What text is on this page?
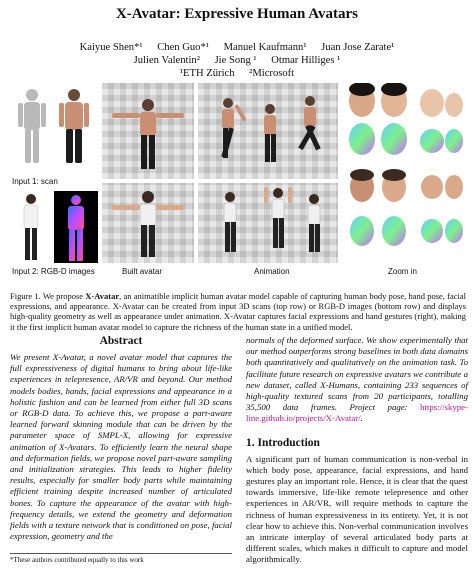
X-Avatar: Expressive Human Avatars
Kaiyue Shen*¹ Chen Guo*¹ Manuel Kaufmann¹ Juan Jose Zarate¹
Julien Valentin² Jie Song ¹ Otmar Hilliges ¹
¹ETH Zürich ²Microsoft
Input 1: scan
Input 2: RGB-D images	Built avatar	Animation	Zoom in
Figure 1. We propose X-Avatar, an animatible implicit human avatar model capable of capturing human body pose, hand pose, facial expressions, and appearance. X-Avatar can be created from input 3D scans (top row) or RGB-D images (bottom row) and displays high-quality geometry as well as appearance under animation. X-Avatar captures facial expressions and hand gestures (right), making it the first implicit human avatar model to capture the richness of the human state in a unified model.
Abstract

We present X-Avatar, a novel avatar model that captures the full expressiveness of digital humans to bring about life-like experiences in telepresence, AR/VR and beyond. Our method models bodies, hands, facial expressions and appearance in a holistic fashion and can be learned from either full 3D scans or RGB-D data. To achieve this, we propose a part-aware learned forward skinning module that can be driven by the parameter space of SMPL-X, allowing for expressive animation of X-Avatars. To efficiently learn the neural shape and deformation fields, we propose novel part-aware sampling and initialization strategies. This leads to higher fidelity results, especially for smaller body parts while maintaining efficient training despite increased number of articulated bones. To capture the appearance of the avatar with high-frequency details, we extend the geometry and deformation fields with a texture network that is conditioned on pose, facial expression, geometry and the

normals of the deformed surface. We show experimentally that our method outperforms strong baselines in both data domains both quantitatively and qualitatively on the animation task. To facilitate future research on expressive avatars we contribute a new dataset, called X-Humans, containing 233 sequences of high-quality textured scans from 20 participants, totalling 35,500 data frames. Project page: https://skype-line.github.io/projects/X-Avatar/.

1. Introduction

A significant part of human communication is non-verbal in which body pose, appearance, facial expressions, and hand gestures play an important role. Hence, it is clear that the quest towards immersive, life-like remote telepresence and other experiences in AR/VR, will require methods to capture the richness of human expressiveness in its entirety. Yet, it is not clear how to achieve this. Non-verbal communication involves an intricate interplay of several articulated body parts at different scales, which makes it difficult to capture and model algorithmically.

*These authors contributed equally to this work
